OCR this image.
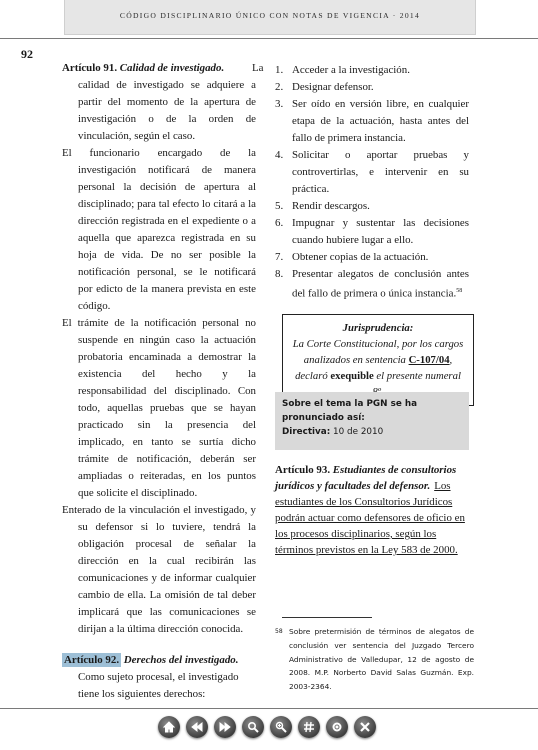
CÓDIGO DISCIPLINARIO ÚNICO CON NOTAS DE VIGENCIA · 2014
92
Artículo 91. Calidad de investigado.	La calidad de investigado se adquiere a partir del momento de la apertura de investigación o de la orden de vinculación, según el caso.

El funcionario encargado de la investigación notificará de manera personal la decisión de apertura al disciplinado; para tal efecto lo citará a la dirección registrada en el expediente o a aquella que aparezca registrada en su hoja de vida. De no ser posible la notificación personal, se le notificará por edicto de la manera prevista en este código.

El trámite de la notificación personal no suspende en ningún caso la actuación probatoria encaminada a demostrar la existencia del hecho y la responsabilidad del disciplinado. Con todo, aquellas pruebas que se hayan practicado sin la presencia del implicado, en tanto se surtía dicho trámite de notificación, deberán ser ampliadas o reiteradas, en los puntos que solicite el disciplinado.

Enterado de la vinculación el investigado, y su defensor si lo tuviere, tendrá la obligación procesal de señalar la dirección en la cual recibirán las comunicaciones y de informar cualquier cambio de ella. La omisión de tal deber implicará que las comunicaciones se dirijan a la última dirección conocida.

Artículo 92. Derechos del investigado.
Como sujeto procesal, el investigado tiene los siguientes derechos:
1. Acceder a la investigación.
2. Designar defensor.
3. Ser oído en versión libre, en cualquier etapa de la actuación, hasta antes del fallo de primera instancia.
4. Solicitar o aportar pruebas y controvertirlas, e intervenir en su práctica.
5. Rendir descargos.
6. Impugnar y sustentar las decisiones cuando hubiere lugar a ello.
7. Obtener copias de la actuación.
8. Presentar alegatos de conclusión antes del fallo de primera o única instancia.$^{58}$
Jurisprudencia:
La Corte Constitucional, por los cargos analizados en sentencia C-107/04, declaró exequible el presente numeral
Sobre el tema la PGN se ha pronunciado así:
Directiva: 10 de 2010
Artículo 93. Estudiantes de consultorios jurídicos y facultades del defensor. Los estudiantes de los Consultorios Jurídicos podrán actuar como defensores de oficio en los procesos disciplinarios, según los términos previstos en la Ley 583 de 2000.
58 Sobre pretermisión de términos de alegatos de conclusión ver sentencia del Juzgado Tercero Administrativo de Valledupar, 12 de agosto de 2008. M.P. Norberto David Salas Guzmán. Exp. 2003-2364.
